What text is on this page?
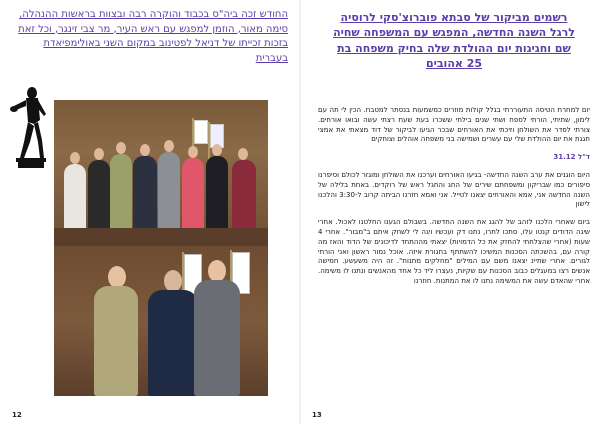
החודש זכה ביה"ס בכבוד והוקרה רבה ובצוות בראשות ההנהלה, סימה מאור, הוזמן למפגש עם ראש העיר, מר צבי זינגר, וכל זאת בזכות זכייתו של דניאל לפטינוב במקום השני באולימפיאדת בעברית
12
רשמים מביקור של סבתא פוברוצ'סקי לרוסיה
לרגל השנה החדשה, המפגש עם המשפחה שחיה
שם וחגיגות יום ההולדת שלה בחיק משפחה בת
25 אהובים

יום למחרת הטיסה התעוררתי בגלל קולות מוזרים כמשמעות בנסתר למטבח. הכין לי תה עם לימון, שתיתי, הורתי לספח ושתי שנים בילתי ששכרו בעת שעת רצתי עשה ובואו אורחים. צורתי לסדר את השולחן וזיכתי את האורחים שבכר הגיעו לביקור של דוד מצאתי את אמצי חגגת את יום ההולדת שלי עם עשרים ושמישה בני משפחה אוהלים וצוחקים

ד"ל 31.12

היום הוגנים את ערב השנה החדשה- בגיעו האורחים וערכנו את השולחן ומוגזר לכולם וסיפרנו סיפורים כמו שבריקון ומשפחתם שירים של החג והחגל ראש של רוקדים. באחת בלילה של השנה החדשה אני, אמא והאורחים יצאנו לטייל. אני ואמא חזרנו הביתה קרוב ל-3:30 והלכנו לישון

ביום שאחרי הלכנו לזהב של להגג את השנה החדשה. בשבולם הגענו החלטנו לאכול. אחרי שיגה הדודים קנטו עלו, סתכו לתרו, נתנו דק ועכשיו ויגה לי לשחק איתם ב"מבור". אחרי 4 שעות (אחרי שהצלחתי להחזק את כל הדמויות) יצאתי מההתחד לדיכונים של הדוד והאז מה קורה עם, בהשכתה הסכנות המשיכו להשתתף בחגורת איזה. אוכל נמור ראשון ואני הורתי לגורים. אחרי שתיינ יצאנו משם עם המילים "מחלקים מתנות". זה היה משעשע. חמישה אנשים רצו במעגלים כבוב הסכנות עם שקיות, נעצרו ליד כל אחד מהאנשים ונתנו לו משימה. אחרי שהאדם עשה את המשימה נתנו לו את המתנות. חוזרנו

13
